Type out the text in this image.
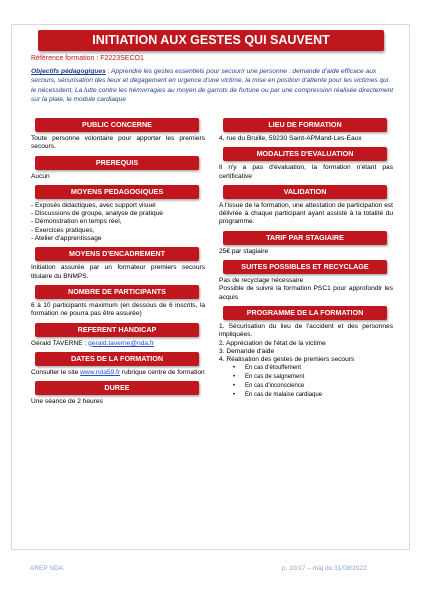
INITIATION AUX GESTES QUI SAUVENT
Référence formation : F2223SECO1
Objectifs pédagogiques : Apprendre les gestes essentiels pour secourir une personne : demande d'aide efficace aux secours, sécurisation des lieux et dégagement en urgence d'une victime, la mise en position d'attente pour les victimes qui le nécessitent, La lutte contre les hémorragies au moyen de garrots de fortune ou par une compression réalisée directement sur la plaie, le module cardiaque
PUBLIC CONCERNE
Toute personne volontaire pour apporter les premiers secours.
PREREQUIS
Aucun
MOYENS PEDAGOGIQUES
- Exposés didactiques, avec support visuel
- Discussions de groupe, analyse de pratique
- Démonstration en temps réel,
- Exercices pratiques,
- Atelier d'apprentissage
MOYENS D'ENCADREMENT
Initiation assurée par un formateur premiers secours titulaire du BNMPS.
NOMBRE DE PARTICIPANTS
6 à 10 participants maximum (en dessous de 6 inscrits, la formation ne pourra pas être assurée)
REFERENT HANDICAP
Gérald TAVERNE : gerald.taverne@nda.fr
DATES DE LA FORMATION
Consulter le site www.nda59.fr rubrique centre de formation
DUREE
Une séance de 2 heures
LIEU DE FORMATION
4, rue du Bruille, 59230 Saint-APMand-Les-Eaux
MODALITES D'EVALUATION
Il n'y a pas d'évaluation, la formation n'étant pas certificative
VALIDATION
A l'issue de la formation, une attestation de participation est délivrée à chaque participant ayant assisté à la totalité du programme.
TARIF PAR STAGIAIRE
25€ par stagiaire
SUITES POSSIBLES ET RECYCLAGE
Pas de recyclage nécessaire
Possible de suivre la formation PSC1 pour approfondir les acquis
PROGRAMME DE LA FORMATION
1. Sécurisation du lieu de l'accident et des personnes impliquées.
2. Appréciation de l'état de la victime
3. Demande d'aide
4. Réalisation des gestes de premiers secours
• En cas d'étouffement
• En cas de saignement
• En cas d'inconscience
• En cas de malaise cardiaque
AREP NDA	p. 10/17 – màj du 31/08/2022
